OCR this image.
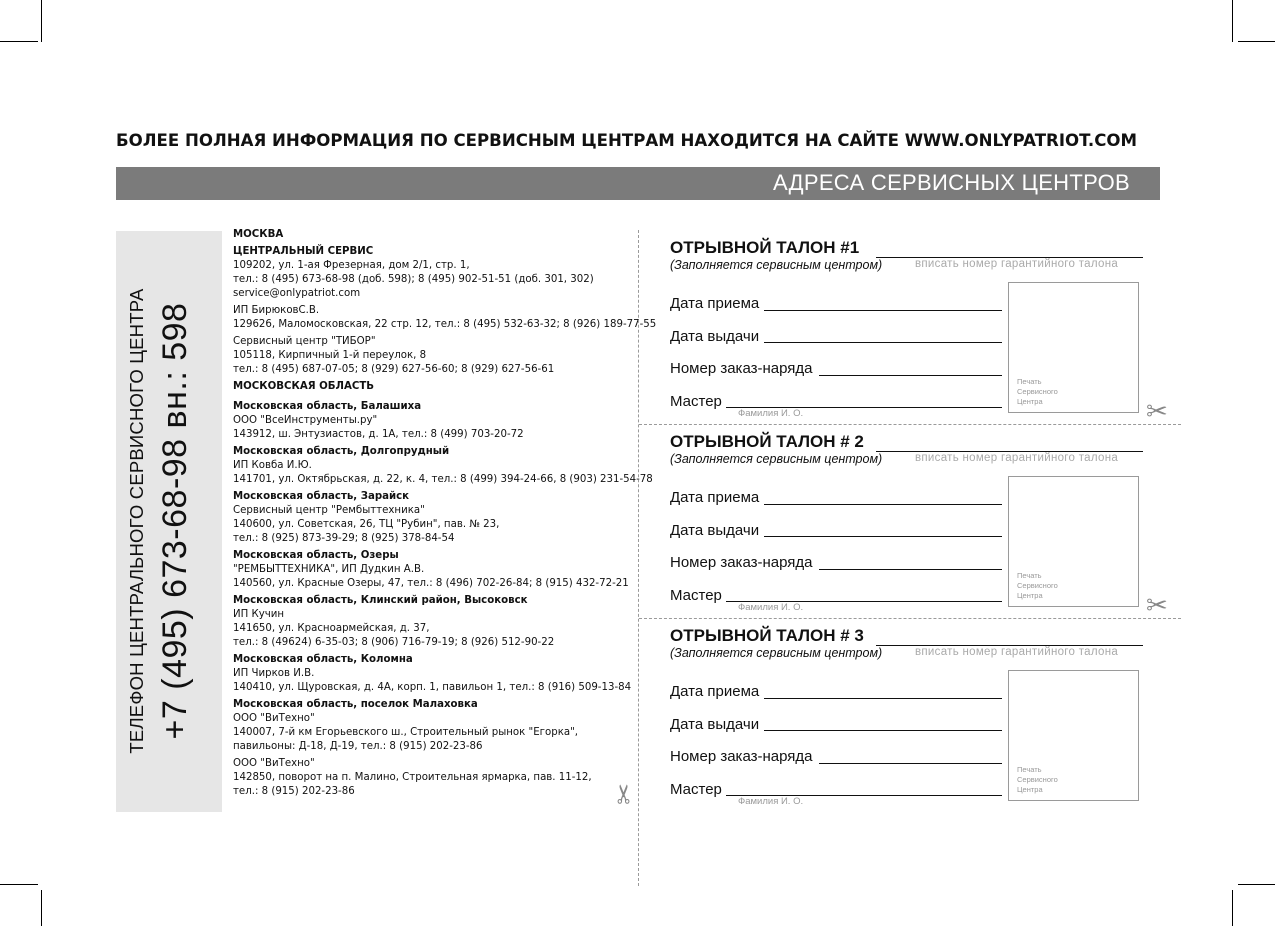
БОЛЕЕ ПОЛНАЯ ИНФОРМАЦИЯ ПО СЕРВИСНЫМ ЦЕНТРАМ НАХОДИТСЯ НА САЙТЕ WWW.ONLYPATRIOT.COM
АДРЕСА СЕРВИСНЫХ ЦЕНТРОВ
ТЕЛЕФОН ЦЕНТРАЛЬНОГО СЕРВИСНОГО ЦЕНТРА +7 (495) 673-68-98 вн.: 598
МОСКВА
ЦЕНТРАЛЬНЫЙ СЕРВИС
109202, ул. 1-ая Фрезерная, дом 2/1, стр. 1,
тел.: 8 (495) 673-68-98 (доб. 598); 8 (495) 902-51-51 (доб. 301, 302)
service@onlypatriot.com
ИП БирюковС.В.
129626, Маломосковская, 22 стр. 12, тел.: 8 (495) 532-63-32; 8 (926) 189-77-55
Сервисный центр "ТИБОР"
105118, Кирпичный 1-й переулок, 8
тел.: 8 (495) 687-07-05; 8 (929) 627-56-60; 8 (929) 627-56-61
МОСКОВСКАЯ ОБЛАСТЬ
Московская область, Балашиха
ООО "ВсеИнструменты.ру"
143912, ш. Энтузиастов, д. 1А, тел.: 8 (499) 703-20-72
Московская область, Долгопрудный
ИП Ковба И.Ю.
141701, ул. Октябрьская, д. 22, к. 4, тел.: 8 (499) 394-24-66, 8 (903) 231-54-78
Московская область, Зарайск
Сервисный центр "Рембыттехника"
140600, ул. Советская, 26, ТЦ "Рубин", пав. № 23,
тел.: 8 (925) 873-39-29; 8 (925) 378-84-54
Московская область, Озеры
"РЕМБЫТТЕХНИКА", ИП Дудкин А.В.
140560, ул. Красные Озеры, 47, тел.: 8 (496) 702-26-84; 8 (915) 432-72-21
Московская область, Клинский район, Высоковск
ИП Кучин
141650, ул. Красноармейская, д. 37,
тел.: 8 (49624) 6-35-03; 8 (906) 716-79-19; 8 (926) 512-90-22
Московская область, Коломна
ИП Чирков И.В.
140410, ул. Щуровская, д. 4А, корп. 1, павильон 1, тел.: 8 (916) 509-13-84
Московская область, поселок Малаховка
ООО "ВиТехно"
140007, 7-й км Егорьевского ш., Строительный рынок "Егорка",
павильоны: Д-18, Д-19, тел.: 8 (915) 202-23-86
ООО "ВиТехно"
142850, поворот на п. Малино, Строительная ярмарка, пав. 11-12,
тел.: 8 (915) 202-23-86
✂
✂
✂
ОТРЫВНОЙ ТАЛОН #1
(Заполняется сервисным центром)	вписать номер гарантийного талона
Дата приема
Дата выдачи
Номер заказ-наряда
Мастер
Фамилия И. О.
Печать
Сервисного
Центра
ОТРЫВНОЙ ТАЛОН # 2
(Заполняется сервисным центром)	вписать номер гарантийного талона
Дата приема
Дата выдачи
Номер заказ-наряда
Мастер
Фамилия И. О.
Печать
Сервисного
Центра
ОТРЫВНОЙ ТАЛОН # 3
(Заполняется сервисным центром)	вписать номер гарантийного талона
Дата приема
Дата выдачи
Номер заказ-наряда
Мастер
Фамилия И. О.
Печать
Сервисного
Центра
